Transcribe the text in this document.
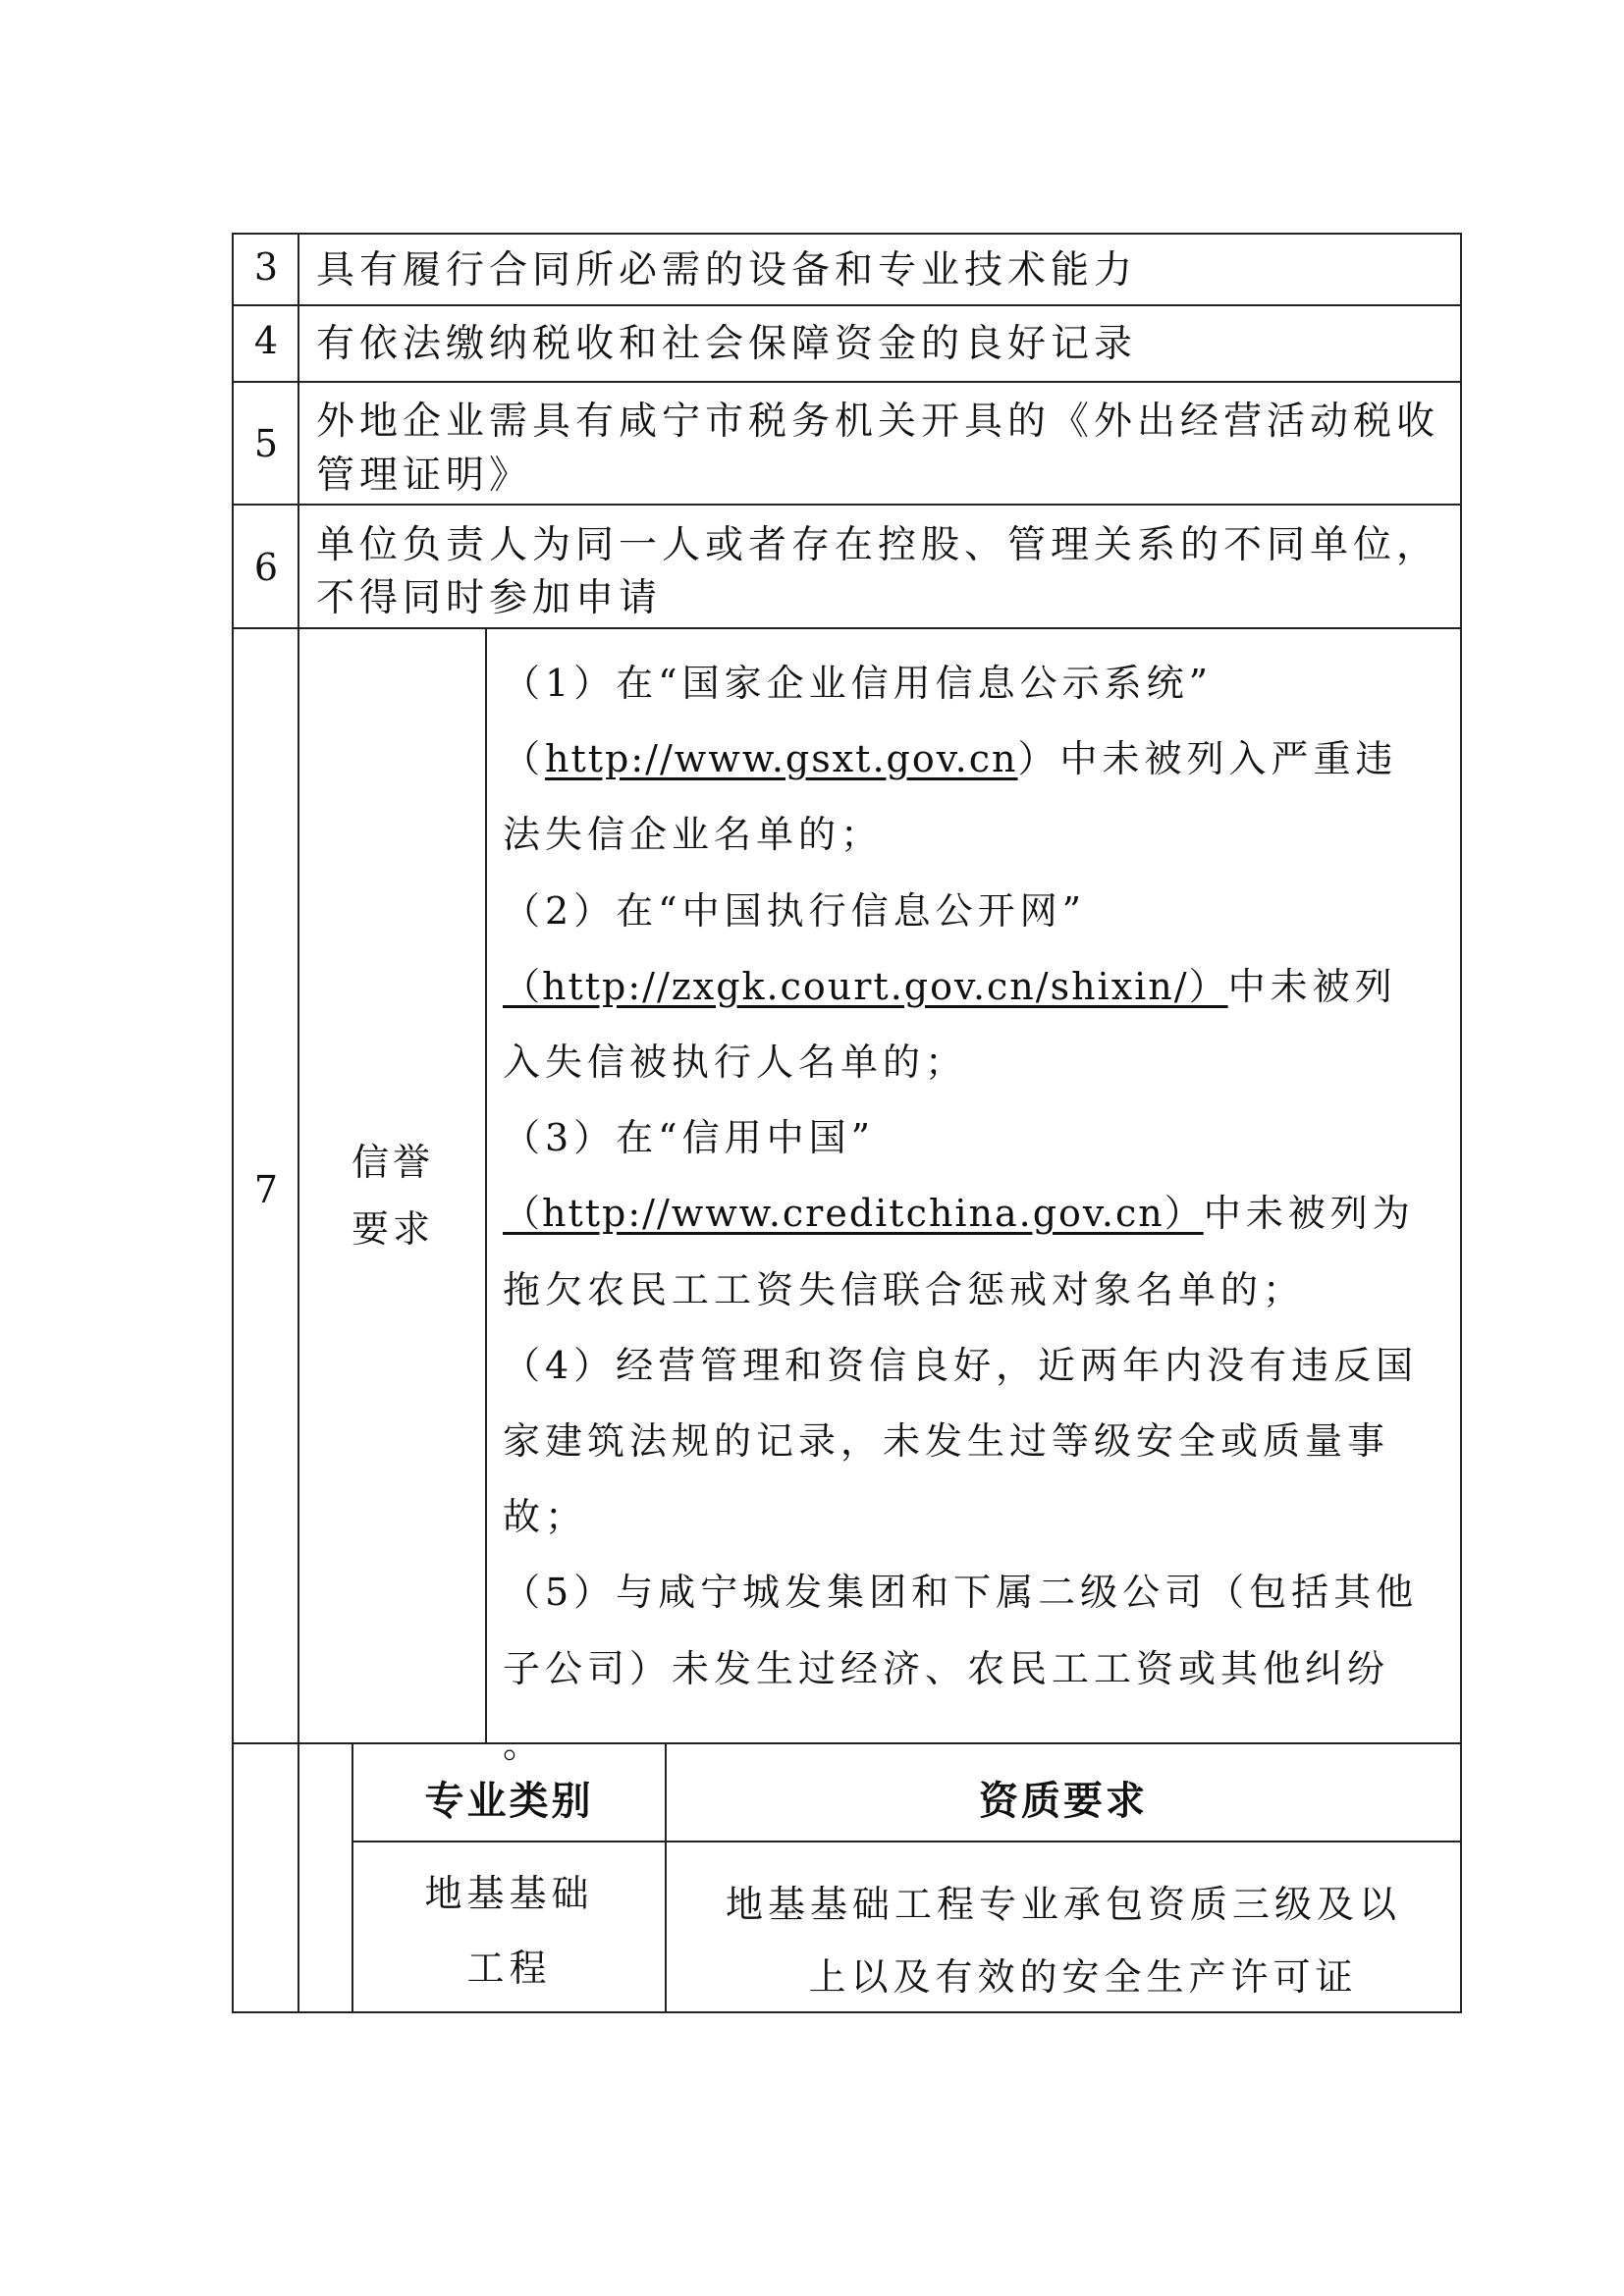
3 具有履行合同所必需的设备和专业技术能力
4 有依法缴纳税收和社会保障资金的良好记录
5 外地企业需具有咸宁市税务机关开具的《外出经营活动税收
管理证明》
6 单位负责人为同一人或者存在控股、管理关系的不同单位，
不得同时参加申请
7
信誉
要求
（1）在“国家企业信用信息公示系统”
（http://www.gsxt.gov.cn）中未被列入严重违
法失信企业名单的；
（2）在“中国执行信息公开网”
（http://zxgk.court.gov.cn/shixin/）中未被列
入失信被执行人名单的；
（3）在“信用中国”
（http://www.creditchina.gov.cn）中未被列为
拖欠农民工工资失信联合惩戒对象名单的；
（4）经营管理和资信良好，近两年内没有违反国
家建筑法规的记录，未发生过等级安全或质量事
故；
（5）与咸宁城发集团和下属二级公司（包括其他
子公司）未发生过经济、农民工工资或其他纠纷
。
专业类别	资质要求
地基基础
工程
地基基础工程专业承包资质三级及以
上以及有效的安全生产许可证
